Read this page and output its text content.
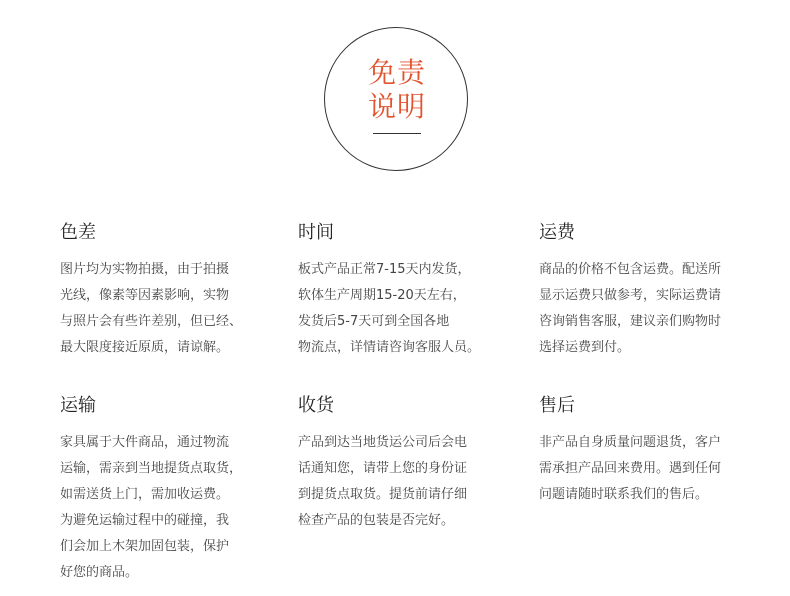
免责
说明
色差
图片均为实物拍摄，由于拍摄
光线，像素等因素影响，实物
与照片会有些许差别，但已经、
最大限度接近原质，请谅解。
时间
板式产品正常7-15天内发货，
软体生产周期15-20天左右，
发货后5-7天可到全国各地
物流点，详情请咨询客服人员。
运费
商品的价格不包含运费。配送所
显示运费只做参考，实际运费请
咨询销售客服，建议亲们购物时
选择运费到付。
运输
家具属于大件商品，通过物流
运输，需亲到当地提货点取货，
如需送货上门，需加收运费。
为避免运输过程中的碰撞，我
们会加上木架加固包装，保护
好您的商品。
收货
产品到达当地货运公司后会电
话通知您，请带上您的身份证
到提货点取货。提货前请仔细
检查产品的包装是否完好。
售后
非产品自身质量问题退货，客户
需承担产品回来费用。遇到任何
问题请随时联系我们的售后。
